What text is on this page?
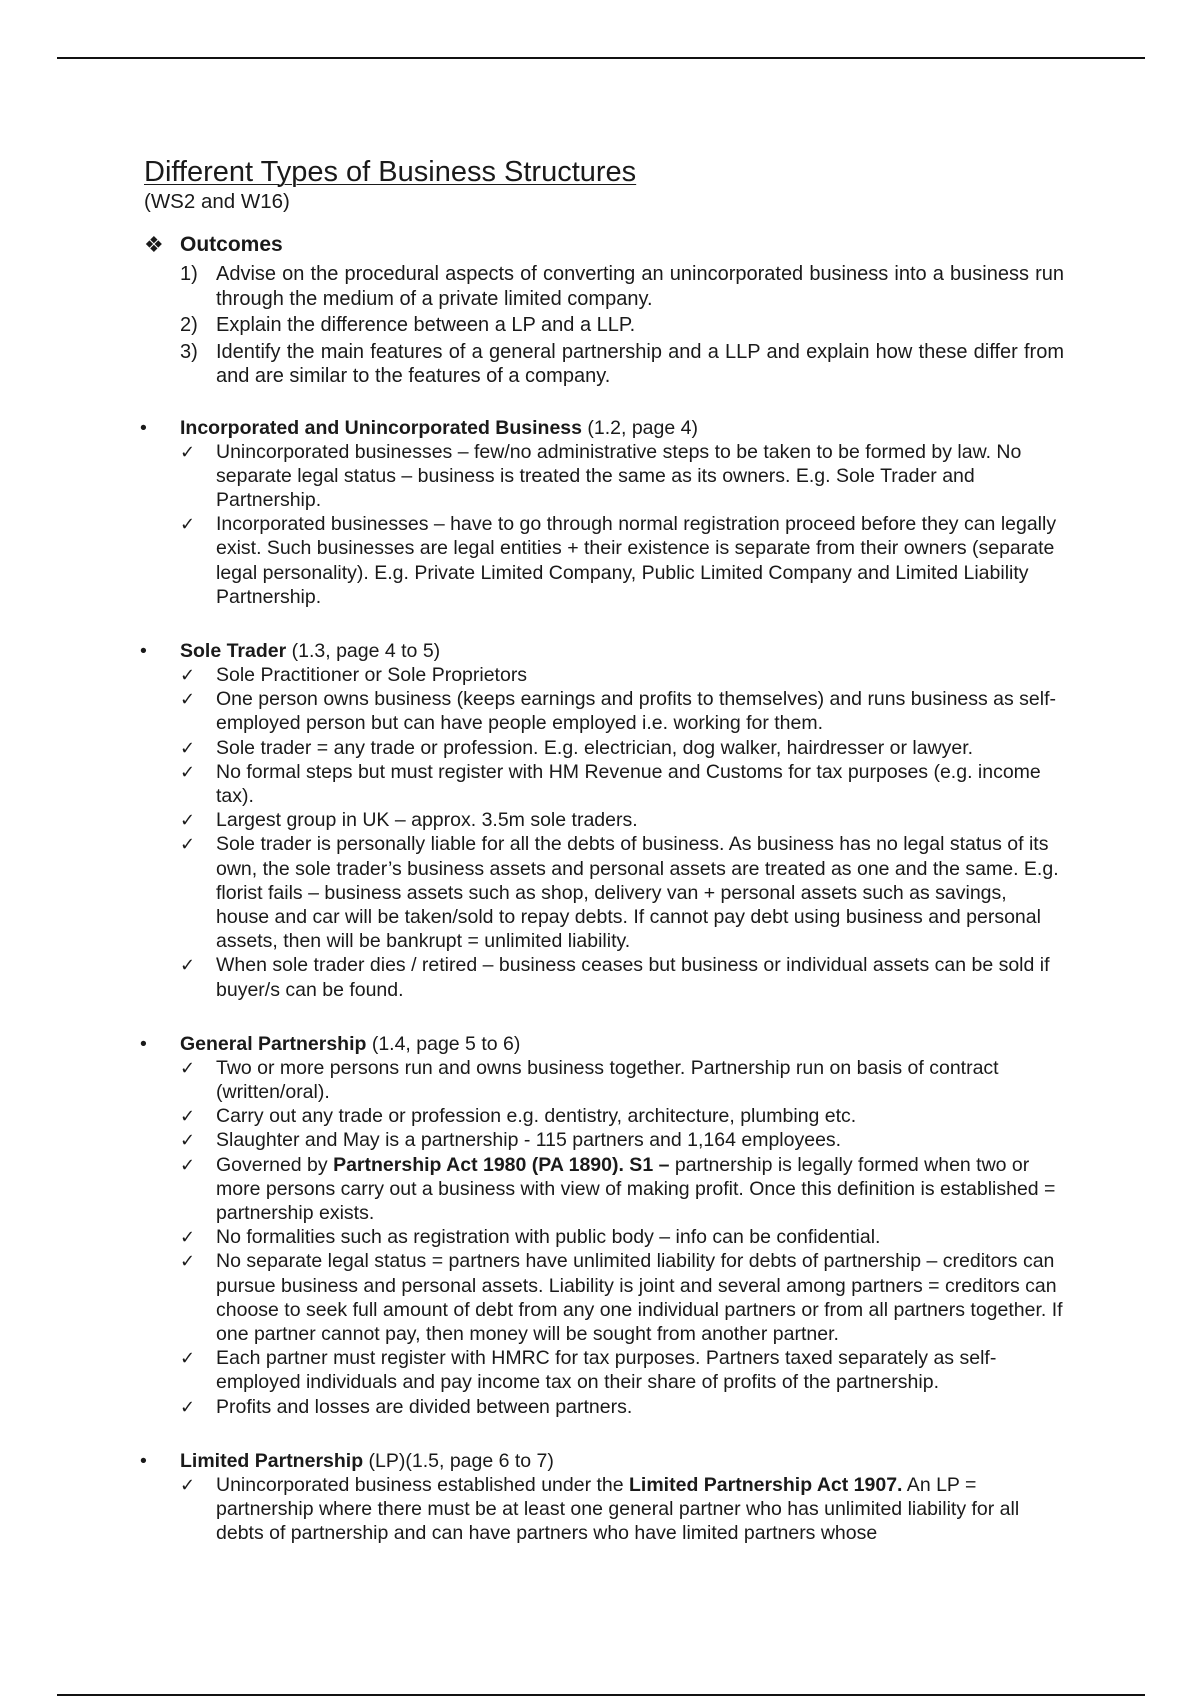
Different Types of Business Structures
(WS2 and W16)
❖ Outcomes
1) Advise on the procedural aspects of converting an unincorporated business into a business run through the medium of a private limited company.
2) Explain the difference between a LP and a LLP.
3) Identify the main features of a general partnership and a LLP and explain how these differ from and are similar to the features of a company.
• Incorporated and Unincorporated Business (1.2, page 4)
✓ Unincorporated businesses – few/no administrative steps to be taken to be formed by law. No separate legal status – business is treated the same as its owners. E.g. Sole Trader and Partnership.
✓ Incorporated businesses – have to go through normal registration proceed before they can legally exist. Such businesses are legal entities + their existence is separate from their owners (separate legal personality). E.g. Private Limited Company, Public Limited Company and Limited Liability Partnership.
• Sole Trader (1.3, page 4 to 5)
✓ Sole Practitioner or Sole Proprietors
✓ One person owns business (keeps earnings and profits to themselves) and runs business as self-employed person but can have people employed i.e. working for them.
✓ Sole trader = any trade or profession. E.g. electrician, dog walker, hairdresser or lawyer.
✓ No formal steps but must register with HM Revenue and Customs for tax purposes (e.g. income tax).
✓ Largest group in UK – approx. 3.5m sole traders.
✓ Sole trader is personally liable for all the debts of business. As business has no legal status of its own, the sole trader’s business assets and personal assets are treated as one and the same. E.g. florist fails – business assets such as shop, delivery van + personal assets such as savings, house and car will be taken/sold to repay debts. If cannot pay debt using business and personal assets, then will be bankrupt = unlimited liability.
✓ When sole trader dies / retired – business ceases but business or individual assets can be sold if buyer/s can be found.
• General Partnership (1.4, page 5 to 6)
✓ Two or more persons run and owns business together. Partnership run on basis of contract (written/oral).
✓ Carry out any trade or profession e.g. dentistry, architecture, plumbing etc.
✓ Slaughter and May is a partnership - 115 partners and 1,164 employees.
✓ Governed by Partnership Act 1980 (PA 1890). S1 – partnership is legally formed when two or more persons carry out a business with view of making profit. Once this definition is established = partnership exists.
✓ No formalities such as registration with public body – info can be confidential.
✓ No separate legal status = partners have unlimited liability for debts of partnership – creditors can pursue business and personal assets. Liability is joint and several among partners = creditors can choose to seek full amount of debt from any one individual partners or from all partners together. If one partner cannot pay, then money will be sought from another partner.
✓ Each partner must register with HMRC for tax purposes. Partners taxed separately as self-employed individuals and pay income tax on their share of profits of the partnership.
✓ Profits and losses are divided between partners.
• Limited Partnership (LP)(1.5, page 6 to 7)
✓ Unincorporated business established under the Limited Partnership Act 1907. An LP = partnership where there must be at least one general partner who has unlimited liability for all debts of partnership and can have partners who have limited partners whose
